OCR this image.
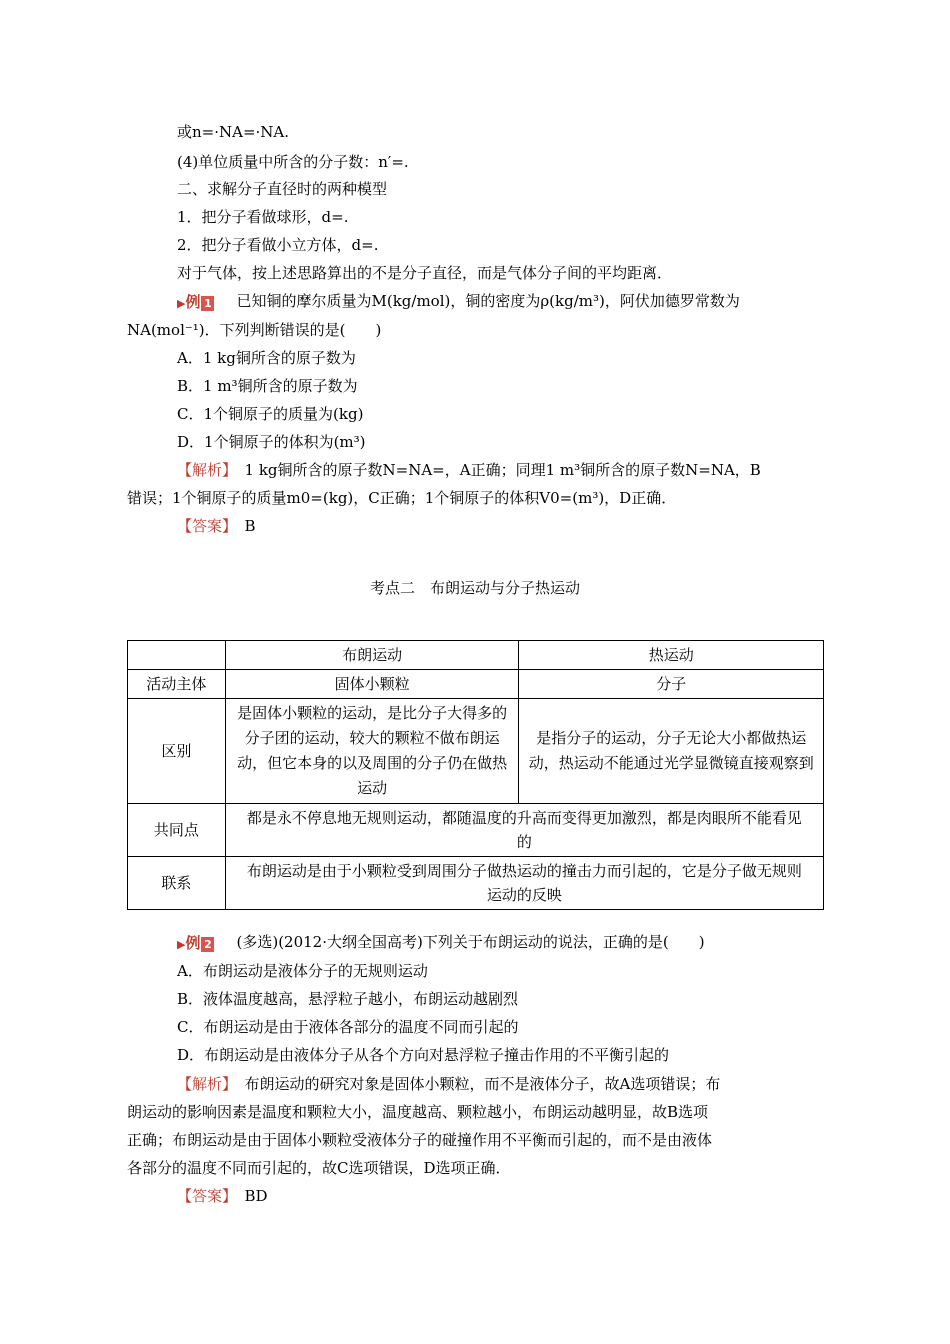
或n=·NA=·NA.
(4)单位质量中所含的分子数：n′=.
二、求解分子直径时的两种模型
1．把分子看做球形，d=.
2．把分子看做小立方体，d=.
对于气体，按上述思路算出的不是分子直径，而是气体分子间的平均距离．
▶例 1 已知铜的摩尔质量为M(kg/mol)，铜的密度为ρ(kg/m³)，阿伏加德罗常数为
NA(mol⁻¹)．下列判断错误的是(　　)
A．1 kg铜所含的原子数为
B．1 m³铜所含的原子数为
C．1个铜原子的质量为(kg)
D．1个铜原子的体积为(m³)
【解析】　 1 kg铜所含的原子数N=NA=，A正确；同理1 m³铜所含的原子数N=NA，B
错误；1个铜原子的质量m0=(kg)，C正确；1个铜原子的体积V0=(m³)，D正确．
【答案】　 B
考点二　布朗运动与分子热运动
	布朗运动	热运动
活动主体	固体小颗粒	分子
区别	是固体小颗粒的运动，是比分子大得多的分子团的运动，较大的颗粒不做布朗运动，但它本身的以及周围的分子仍在做热运动	是指分子的运动，分子无论大小都做热运动，热运动不能通过光学显微镜直接观察到
共同点	都是永不停息地无规则运动，都随温度的升高而变得更加激烈，都是肉眼所不能看见的	
联系	布朗运动是由于小颗粒受到周围分子做热运动的撞击力而引起的，它是分子做无规则运动的反映	
▶例 2 (多选)(2012·大纲全国高考)下列关于布朗运动的说法，正确的是(　　)
A．布朗运动是液体分子的无规则运动
B．液体温度越高，悬浮粒子越小，布朗运动越剧烈
C．布朗运动是由于液体各部分的温度不同而引起的
D．布朗运动是由液体分子从各个方向对悬浮粒子撞击作用的不平衡引起的
【解析】　 布朗运动的研究对象是固体小颗粒，而不是液体分子，故A选项错误；布
朗运动的影响因素是温度和颗粒大小，温度越高、颗粒越小，布朗运动越明显，故B选项
正确；布朗运动是由于固体小颗粒受液体分子的碰撞作用不平衡而引起的，而不是由液体
各部分的温度不同而引起的，故C选项错误，D选项正确．
【答案】　 BD
